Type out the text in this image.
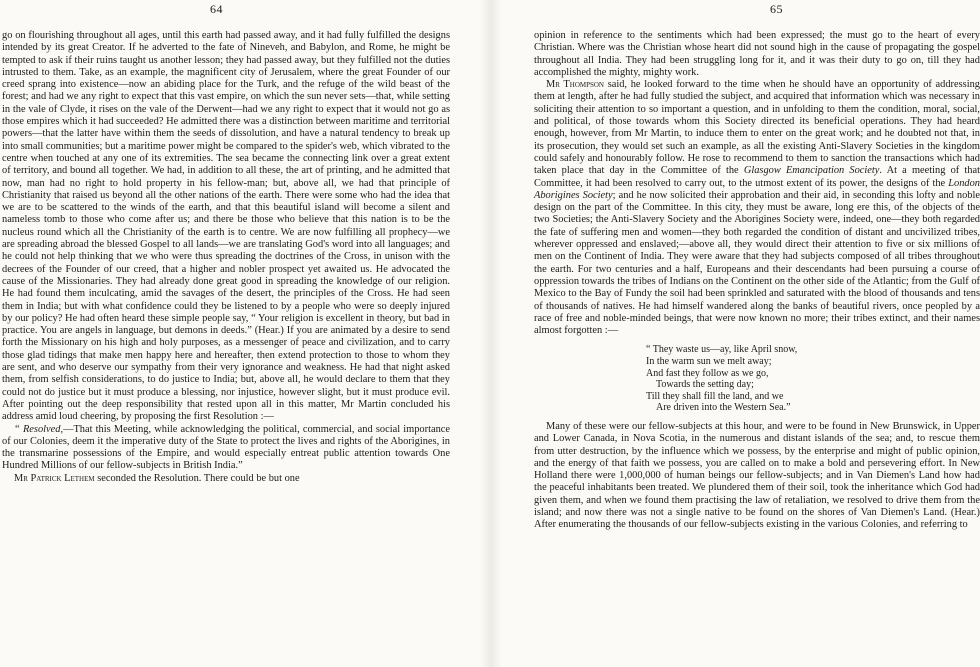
64

go on flourishing throughout all ages, until this earth had passed away, and it had fully fulfilled the designs intended by its great Creator. If he adverted to the fate of Nineveh, and Babylon, and Rome, he might be tempted to ask if their ruins taught us another lesson; they had passed away, but they fulfilled not the duties intrusted to them. Take, as an example, the magnificent city of Jerusalem, where the great Founder of our creed sprang into existence—now an abiding place for the Turk, and the refuge of the wild beast of the forest; and had we any right to expect that this vast empire, on which the sun never sets—that, while setting in the vale of Clyde, it rises on the vale of the Derwent—had we any right to expect that it would not go as those empires which it had succeeded? He admitted there was a distinction between maritime and territorial powers—that the latter have within them the seeds of dissolution, and have a natural tendency to break up into small communities; but a maritime power might be compared to the spider's web, which vibrated to the centre when touched at any one of its extremities. The sea became the connecting link over a great extent of territory, and bound all together. We had, in addition to all these, the art of printing, and he admitted that now, man had no right to hold property in his fellow-man; but, above all, we had that principle of Christianity that raised us beyond all the other nations of the earth. There were some who had the idea that we are to be scattered to the winds of the earth, and that this beautiful island will become a silent and nameless tomb to those who come after us; and there be those who believe that this nation is to be the nucleus round which all the Christianity of the earth is to centre. We are now fulfilling all prophecy—we are spreading abroad the blessed Gospel to all lands—we are translating God's word into all languages; and he could not help thinking that we who were thus spreading the doctrines of the Cross, in unison with the decrees of the Founder of our creed, that a higher and nobler prospect yet awaited us. He advocated the cause of the Missionaries. They had already done great good in spreading the knowledge of our religion. He had found them inculcating, amid the savages of the desert, the principles of the Cross. He had seen them in India; but with what confidence could they be listened to by a people who were so deeply injured by our policy? He had often heard these simple people say, “ Your religion is excellent in theory, but bad in practice. You are angels in language, but demons in deeds.” (Hear.) If you are animated by a desire to send forth the Missionary on his high and holy purposes, as a messenger of peace and civilization, and to carry those glad tidings that make men happy here and hereafter, then extend protection to those to whom they are sent, and who deserve our sympathy from their very ignorance and weakness. He had that night asked them, from selfish considerations, to do justice to India; but, above all, he would declare to them that they could not do justice but it must produce a blessing, nor injustice, however slight, but it must produce evil. After pointing out the deep responsibility that rested upon all in this matter, Mr Martin concluded his address amid loud cheering, by proposing the first Resolution :—

“ Resolved,—That this Meeting, while acknowledging the political, commercial, and social importance of our Colonies, deem it the imperative duty of the State to protect the lives and rights of the Aborigines, in the transmarine possessions of the Empire, and would especially entreat public attention towards One Hundred Millions of our fellow-subjects in British India.”

Mr Patrick Lethem seconded the Resolution. There could be but one

65

opinion in reference to the sentiments which had been expressed; the must go to the heart of every Christian. Where was the Christian whose heart did not sound high in the cause of propagating the gospel throughout all India. They had been struggling long for it, and it was their duty to go on, till they had accomplished the mighty, mighty work.

Mr Thompson said, he looked forward to the time when he should have an opportunity of addressing them at length, after he had fully studied the subject, and acquired that information which was necessary in soliciting their attention to so important a question, and in unfolding to them the condition, moral, social, and political, of those towards whom this Society directed its beneficial operations. They had heard enough, however, from Mr Martin, to induce them to enter on the great work; and he doubted not that, in its prosecution, they would set such an example, as all the existing Anti-Slavery Societies in the kingdom could safely and honourably follow. He rose to recommend to them to sanction the transactions which had taken place that day in the Committee of the Glasgow Emancipation Society. At a meeting of that Committee, it had been resolved to carry out, to the utmost extent of its power, the designs of the London Aborigines Society; and he now solicited their approbation and their aid, in seconding this lofty and noble design on the part of the Committee. In this city, they must be aware, long ere this, of the objects of the two Societies; the Anti-Slavery Society and the Aborigines Society were, indeed, one—they both regarded the fate of suffering men and women—they both regarded the condition of distant and uncivilized tribes, wherever oppressed and enslaved;—above all, they would direct their attention to five or six millions of men on the Continent of India. They were aware that they had subjects composed of all tribes throughout the earth. For two centuries and a half, Europeans and their descendants had been pursuing a course of oppression towards the tribes of Indians on the Continent on the other side of the Atlantic; from the Gulf of Mexico to the Bay of Fundy the soil had been sprinkled and saturated with the blood of thousands and tens of thousands of natives. He had himself wandered along the banks of beautiful rivers, once peopled by a race of free and noble-minded beings, that were now known no more; their tribes extinct, and their names almost forgotten :—

“ They waste us—ay, like April snow,
In the warm sun we melt away;
And fast they follow as we go,
Towards the setting day;
Till they shall fill the land, and we
Are driven into the Western Sea.”

Many of these were our fellow-subjects at this hour, and were to be found in New Brunswick, in Upper and Lower Canada, in Nova Scotia, in the numerous and distant islands of the sea; and, to rescue them from utter destruction, by the influence which we possess, by the enterprise and might of public opinion, and the energy of that faith we possess, you are called on to make a bold and persevering effort. In New Holland there were 1,000,000 of human beings our fellow-subjects; and in Van Diemen's Land how had the peaceful inhabitants been treated. We plundered them of their soil, took the inheritance which God had given them, and when we found them practising the law of retaliation, we resolved to drive them from the island; and now there was not a single native to be found on the shores of Van Diemen's Land. (Hear.) After enumerating the thousands of our fellow-subjects existing in the various Colonies, and referring to
